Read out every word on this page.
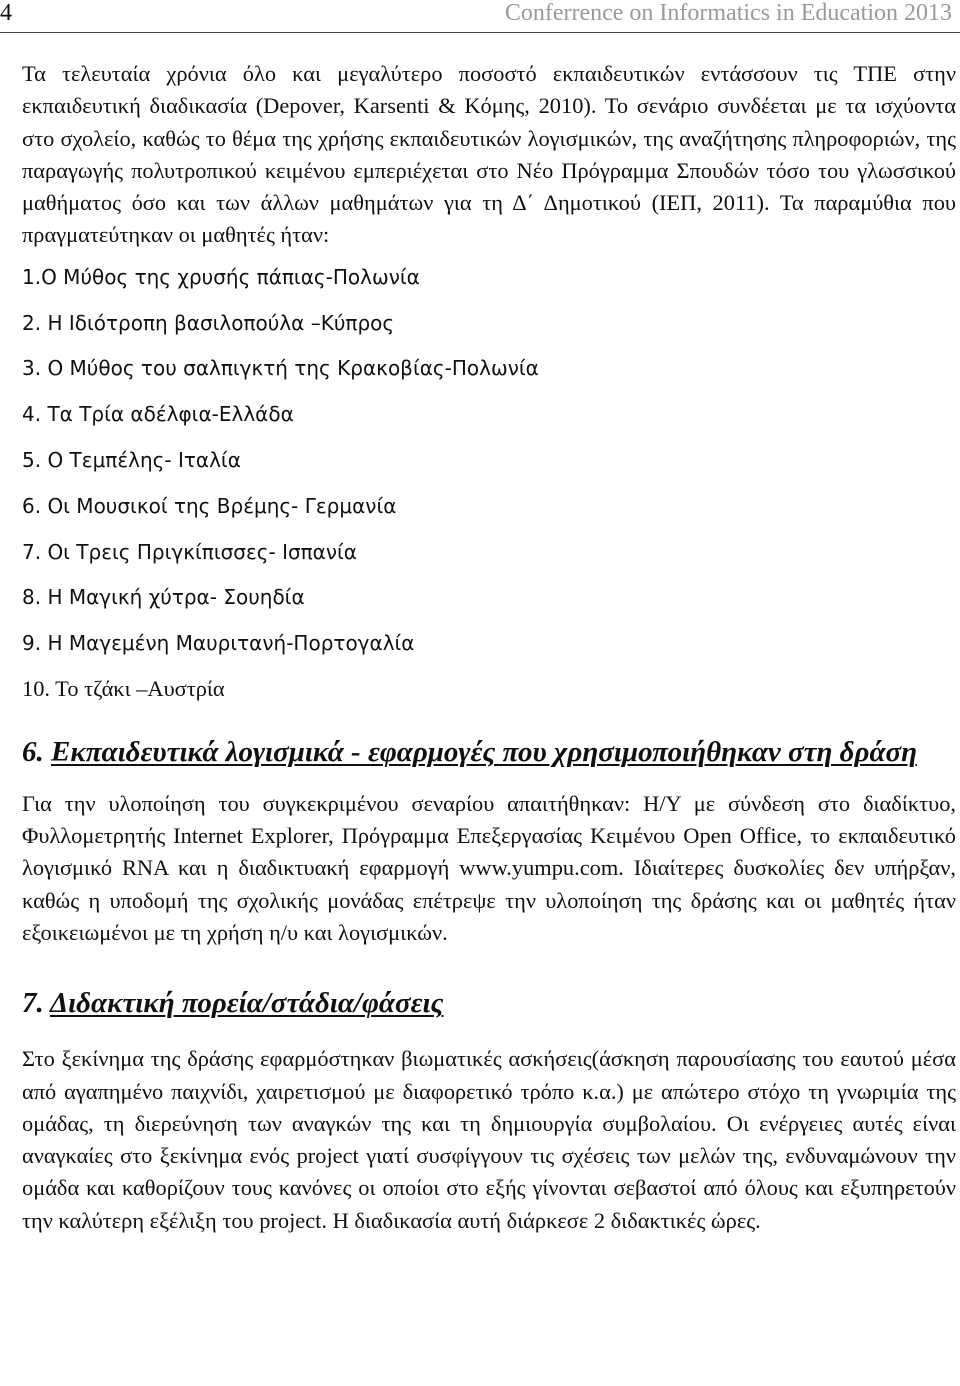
4	Conferrence on Informatics in Education 2013

Τα τελευταία χρόνια όλο και μεγαλύτερο ποσοστό εκπαιδευτικών εντάσσουν τις ΤΠΕ στην εκπαιδευτική διαδικασία (Depover, Karsenti & Κόμης, 2010). Το σενάριο συνδέεται με τα ισχύοντα στο σχολείο, καθώς το θέμα της χρήσης εκπαιδευτικών λογισμικών, της αναζήτησης πληροφοριών, της παραγωγής πολυτροπικού κειμένου εμπεριέχεται στο Νέο Πρόγραμμα Σπουδών τόσο του γλωσσικού μαθήματος όσο και των άλλων μαθημάτων για τη Δ΄ Δημοτικού (ΙΕΠ, 2011). Τα παραμύθια που πραγματεύτηκαν οι μαθητές ήταν:

1.Ο Μύθος της χρυσής πάπιας-Πολωνία
2. Η Ιδιότροπη βασιλοπούλα –Κύπρος
3. Ο Μύθος του σαλπιγκτή της Κρακοβίας-Πολωνία
4. Τα Τρία αδέλφια-Ελλάδα
5. Ο Τεμπέλης- Ιταλία
6. Οι Μουσικοί της Βρέμης- Γερμανία
7. Οι Τρεις Πριγκίπισσες- Ισπανία
8. Η Μαγική χύτρα- Σουηδία
9. Η Μαγεμένη Μαυριτανή-Πορτογαλία
10. Το τζάκι –Αυστρία
6. Εκπαιδευτικά λογισμικά - εφαρμογές που χρησιμοποιήθηκαν στη δράση

Για την υλοποίηση του συγκεκριμένου σεναρίου απαιτήθηκαν: Η/Υ με σύνδεση στο διαδίκτυο, Φυλλομετρητής Internet Explorer, Πρόγραμμα Επεξεργασίας Κειμένου Open Office, το εκπαιδευτικό λογισμικό RNA και η διαδικτυακή εφαρμογή www.yumpu.com. Ιδιαίτερες δυσκολίες δεν υπήρξαν, καθώς η υποδομή της σχολικής μονάδας επέτρεψε την υλοποίηση της δράσης και οι μαθητές ήταν εξοικειωμένοι με τη χρήση η/υ και λογισμικών.

7. Διδακτική πορεία/στάδια/φάσεις

Στο ξεκίνημα της δράσης εφαρμόστηκαν βιωματικές ασκήσεις(άσκηση παρουσίασης του εαυτού μέσα από αγαπημένο παιχνίδι, χαιρετισμού με διαφορετικό τρόπο κ.α.) με απώτερο στόχο τη γνωριμία της ομάδας, τη διερεύνηση των αναγκών της και τη δημιουργία συμβολαίου. Οι ενέργειες αυτές είναι αναγκαίες στο ξεκίνημα ενός project γιατί συσφίγγουν τις σχέσεις των μελών της, ενδυναμώνουν την ομάδα και καθορίζουν τους κανόνες οι οποίοι στο εξής γίνονται σεβαστοί από όλους και εξυπηρετούν την καλύτερη εξέλιξη του project. Η διαδικασία αυτή διάρκεσε 2 διδακτικές ώρες.
